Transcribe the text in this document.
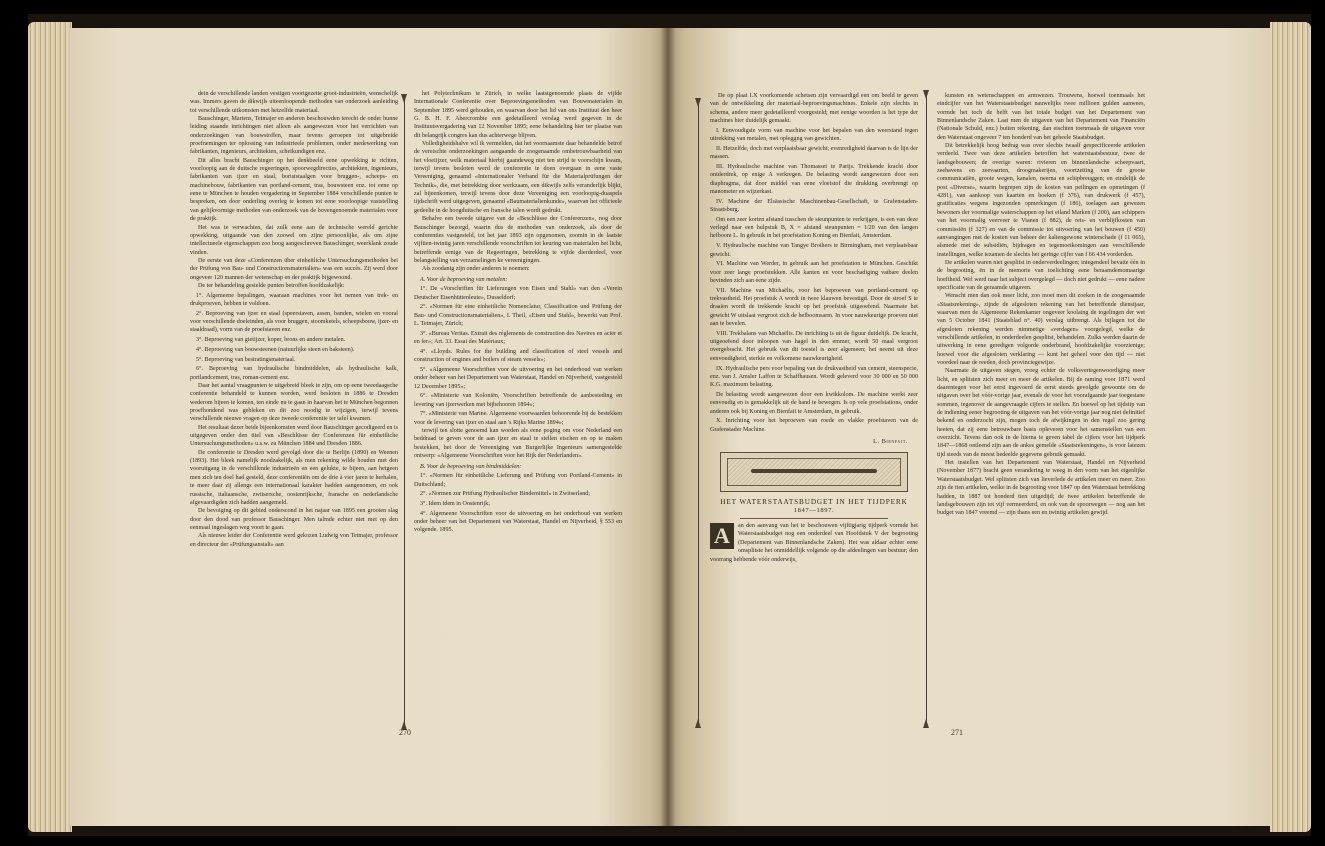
dein de verschillende landen vestigen voortgezette groot-industrieën, wenschelijk was. Immers gaven de dikwijls uiteenloopende methoden van onderzoek aanleiding tot verschillende uitkomsten met hetzelfde materiaal.

Bauschinger, Martens, Tetmajer en anderen beschouwden terecht de onder hunne leiding staande inrichtingen niet alleen als aangewezen voor het verrichten van onderzoekingen van bouwstoffen, maar tevens geroepen tot uitgebreide proefnemingen ter oplossing van industrieele problemen, onder medewerking van fabrikanten, ingenieurs, architekten, scheikundigen enz.

Dit alles bracht Bauschinger op het denkbeeld eene opwekking te richten, voorloopig aan de duitsche regeeringen, spoorwegdirecties, architekten, ingenieurs, fabrikanten van ijzer en staal, boriststaalgen voor bruggen-, scheeps- en machinebouw, fabrikanten van portland-cement, tras, bouwsteen enz. tot eene op eene te München te houden vergadering in September 1884 verschillende punten te bespreken, om door onderling overleg te komen tot eene voorloopige vaststelling van gelijkvormige methoden van onderzoek van de bovengenoemde materialen voor de praktijk.

Het was te verwachten, dat zulk eene aan de technische wereld gerichte opwekking, uitgaande van den zoowel om zijne persoonlijke, als om zijne intellectueele eigenschappen zoo hoog aangeschreven Bauschinger, weerklank zoude vinden.

De eerste van deze «Conferenzen über einheitliche Untersuchungsmethoden bei der Prüfung von Bau- und Constructionsmaterialien» was een succès. Zij werd door ongeveer 120 mannen der wetenschap en der praktijk bijgewoond.

De ter behandeling gestelde punten betroffen hoofdzakelijk:

1°. Algemeene bepalingen, waaraan machines voor het nemen van trek- en drukproeven, hebben te voldoen.

2°. Beproeving van ijzer en staal (speerstaven, assen, banden, wielen en vooral voor verschillende doeleinden, als voor bruggen, stoomketels, scheepsbouw, ijzer- en staaldraad), vorm van de proefstaven enz.

3°. Beproeving van gietijzer, koper, brons en andere metalen.

4°. Beproeving van bouwsteenen (natuurlijke steen en baksteen).

5°. Beproeving van bestratingsmateriaal.

6°. Beproeving van hydraulische bindmiddelen, als hydraulische kalk, portlandcement, tras, roman-cement enz.

Daar het aantal vraagpunten te uitgebreid bleek te zijn, om op eene tweedaagsche conferentie behandeld te kunnen worden, werd besloten in 1886 te Dresden wederom bijeen te komen, ten einde nu te gaan in haarvan het te München begonnen proefhondend was gebleken en dit zoo noodig te wijzigen, terwijl tevens verschillende nieuwe vragen op deze tweede conferentie ter tafel kwamen.

Het resultaat dezer beide bijeenkomsten werd door Bauschinger gecodigeerd en is uitgegeven onder den titel van «Beschlüsse der Conferenzen für einheitliche Untersuchungsmethoden» u.s.w. zu München 1884 und Dresden 1886.

De conferentie te Dresden werd gevolgd door die te Berlijn (1890) en Weenen (1893). Het bleek namelijk noodzakelijk, als men rekening wilde houden met den vooruitgang in de verschillende industrieën en een gelukte, te bijeen, aan hetgeen men zich ten doel had gesteld, deze conferentiën om de drie à vier jaren te herhalen, te meer daar zij allengs een internationaal karakter hadden aangenomen, en ook russische, italiaansche, zwitsersche, oostenrijksche, fransche en nederlandsche afgevaardigden zich hadden aangemeld.

De bevoiging op dit gebied onderscond in het najaar van 1895 een grooten slag door den dood van professor Bauschinger. Men talmde echter niet met op den eenmaal ingeslagen weg voort te gaan.

Als nieuwe leider der Conferentie werd gekozen Ludwig von Tetmajer, professor en directeur der «Prüfungsanstalt» aan

het Polytechnikum te Zürich, in welke laatstgenoemde plaats de vijfde Internationale Conferentie over Beproevingsmethoden van Bouwmaterialen in September 1895 werd gehouden, en waarvan door het lid van ons Instituut den heer G. B. H. F. Abercrombie een gedetailleerd verslag werd gegeven in de Instituutsvergadering van 12 November 1895; eene behandeling hier ter plaatse van dit belangrijk congres kan dus achterwege blijven.

Volledigheidshalve wil ik vermelden, dat het voornaamste daar behandelde betrof de vereischte onderzoekingen aangaande de zoogenaamde ombetrouwbaarheid van het vloeiijzer, welk materiaal hierbij gaandeweg niet ten strijd te voorschijn kwam, terwijl tevens besloten werd de conferentie te doen overgaan in eene vaste Vereeniging, genaamd «Internationaler Verband für die Materialprüfungen der Technik», die, met betrekking door werkzaam, een dikwijls zelfs veranderlijk blijkt, zal bijeenkomen, terwijl tevens door deze Vereeniging een voorloopig-duaspels tijdschrift werd uitgegeven, genaamd «Baumaterialienkunde», waarvan het officieele gedeelte in de hoogduitsche en fransche talen wordt gedrukt.

Behalve een tweede uitgave van de «Beschlüsse der Conferenzen», nog door Bauschinger bezorgd, waarin dus de methoden van onderzoek, als door de conferenties vastgesteld, tot het jaar 1893 zijn opgenomen, zoomin in de laatste vijftien-twintig jaren verschillende voorschriften tot keuring van materialen het licht, betreffende eenige van de Regeeringen, betrekking te vijfde dierderdeel, voor belangstelling van verzamelingen ke vereenigingen.

Als zoodanig zijn onder anderen te noemen:

A. Voor de beproeving van metalen:

1°. De «Vorschriften für Lieferungen von Eisen und Stahl» van den «Verein Deutscher Eisenhüttenleute», Dusseldorf;

2°. «Normen für eine einheitliche Nomenclatur, Classification und Prüfung der Bau- und Constructionsmaterialien», I. Theil, «Eisen und Stahl», bewerkt van Prof. L. Tetmajer, Zürich;

3°. «Bureau Veritas. Extrait des règlements de construction des Navires en acier et en fer»; Art. 33. Essai des Matériaux;

4°. «Lloyds. Rules for the building and classification of steel vessels and construction of engines and boilers of steam vessels»;

5°. «Algemeene Voorschriften voor de uitvoering en het onderhoud van werken onder beheer van het Departement van Waterstaat, Handel en Nijverheid, vastgesteld 12 December 1895»;

6°. «Ministerie van Koloniën, Voorschriften betreffende de aanbesteding en levering van ijzerwerken met bijbehooren 1894»;

7°. «Ministerie van Marine. Algemeene voorwaarden behoorende bij de bestekken voor de levering van ijzer en staal aan 's Rijks Marine 1894»;

terwijl ten slotte genoemd kan worden als eene poging om voor Nederland een beddraad te geven voor de aan ijzer en staal te stellen eischen en op te maken bestekken, het door de Vereeniging van Burgerlijke Ingenieurs samengestelde ontwerp: «Algemeene Voorschriften voor het Rijk der Nederlanden».

B. Voor de beproeving van bindmiddelen:

1°. «Normen für einheitliche Lieferung und Prüfung von Portland-Cement» in Duitschland;

2°. «Normen zur Prüfung Hydraulischer Bindemittel» in Zwitserland;

3°. Idem idem in Oostenrijk;

4°. Algemeene Voorschriften voor de uitvoering en het onderhoud van werken onder beheer van het Departement van Waterstaat, Handel en Nijverheid, § 553 en volgende. 1895.

270

De op plaat I.X voorkomende schetsen zijn vervaardigd een om beeld te geven van de ontwikkeling der materiaal-beproevingsmachines. Enkele zijn slechts in schema, andere meer gedetailleerd voorgesteld; met eenige woorden is het type der machines hier duidelijk gemaakt.

I. Eenvoudigste vorm van machine voor het bepalen van den weerstand tegen uitrekking van metalen, met opleggng van gewichten.

II. Hetzelfde, doch met verplaatsbaar gewicht; evenredigheid daarvan is de lijn der massen.

III. Hydraulische machine van Thomasset te Parijs. Trekkende kracht door ontderdrek, op enige A verkregen. De belasting wordt aangewezen door een diaphragma, dat door middel van eene vloeistof die drukking overbrengt op manometer en wijzerkast.

IV. Machine der Elsässische Maschinenbau-Gesellschaft, te Grafenstaden-Straatsburg.

Om een zeer korten afstand tusschen de steunpunten te verkrijgen, is een van deze verlegd naar een hulpstuk B, X = afstand steunpunten = 1/20 van den langen hefboom L. In gebruik in het proefstation Koning en Bienfait, Amsterdam.

V. Hydraulische machine van Tangye Brothers te Birmingham, met verplaatsbaar gewicht.

VI. Machine van Werder, in gebruik aan het proefstation te München. Geschikt voor zeer lange proefstukken. Alle kanten en voor beschadiging vatbare deelen bevinden zich aan éene zijde.

VII. Machine van Michaëlis, voor het beproeven van portland-cement op trekvastheid. Het proefstuk A wordt in twee klauwen bevestigd. Door de stroef S te draaien wordt de trekkende kracht op het proefstuk uitgeoefend. Naarmate het gewicht W uitslaat vergroot zich de hefboomsarm. In voor nauwkeurige proeven niet aan te bevelen.

VIII. Trekbalans van Michaëlis. De inrichting is uit de figuur duidelijk. De kracht, uitgeoefend door inloopen van hagel in den emmer, wordt 50 maal vergroot overgebracht. Het gebruik van dit toestel is zeer algemeen; het neemt uit deze eenvoudigheid, sterkte en volkomene nauwkeurigheid.

IX. Hydraulische pers voor bepaling van de drukvastheid van cement, steenspecie, enz. van J. Amsler Laffon te Schaffhausen. Wordt geleverd voor 30 000 en 50 000 K.G. maximum belasting.

De belasting wordt aangewezen door een kwikkolom. De machine werkt zeer eenvoudig en is gemakkelijk uit de hand te bewegen. Is op vele proefstations, onder anderen ook bij Koning en Bienfait te Amsterdam, in gebruik.

X. Inrichting voor het beproeven van roede en vlakke proefstaven van de Grafenstader Machine.

L. Bienfait.

HET WATERSTAATSBUDGET IN HET TIJDPERK

1847—1897.

A	an den aanvang van het te beschouwen vijftigjarig tijdperk vormde het Waterstaatsbudget nog een onderdeel van Hoofdstuk V der begrooting (Departement van Binnenlandsche Zaken). Het was aldaar echter eene omsplitste het onmiddellijk volgende op die afdeelingen van bestuur; den voorrang hebbende vóór onderwijs,

kunsten en wetenschappen en armwezen. Trouwens, hoewel toenmaals het eindcijfer van het Waterstaatsbudget nauwelijks twee millioen gulden aanwees, vormde het toch de helft van het totale budget van het Departement van Binnenlandsche Zaken. Laat men de uitgaven van het Departement van Financiën (Nationale Schuld, enz.) buiten rekening, dan eischten toenmaals de uitgaven voor den Waterstaat ongeveer 7 ten honderd van het geheele Staatsbudget.

Dit betrekkelijk hoog bedrag was over slechts twaalf gespecificeerde artikelen verdeeld. Twee van deze artikelen betroffen het waterstaatsbestuur, twee de landsgebouwen; de overige waren: rivieren en binnenlandsche scheepvaart, zeehavens en zeevaarten, droogmakerijen, voortzetting van de groote communicatiën, groote wegen, kanalen, neerna en schipbreuggen; en eindelijk de post «Diverse», waarin begrepen zijn de kosten van peilingen en opmetingen (f 4281), van aankoop van kaarten en boeken (f 376), van drukwerk (f 457), gratificaties wegens ingezonden opmerkingen (f 186), toelagen aan gewezen bewoners der voormalige waterschappen op het eiland Marken (f 200), aan schippers van het voormalig veerveer te Vianen (f 882), de reis- en verblijfkosten van commissiën (f 327) en van de commissie tot uitvoering van het bouwen (f 450) aanvangingen met de kosten van beheer der kaltengewone winterschade (f 11 065), alsmede met de subsidiën, bijdragen en tegemoetkomingen aan verschillende instellingen, welke tezamen de slechts het geringe cijfer van f 66 434 vorderden.

De artikelen waren niet gesplitst in onderverdeelingen; integendeel bevatte één in de begrooting, ën in de memorie van toelichting eene beraamdemomaarige hoeftheid. Wel werd naar het subject overgelegd — doch niet gedrukt — eene nadere specificatie van de geraamde uitgaven.

Wenscht men dan ook meer licht, zoo moet men dit zoeken in de zoogenaamde «Staatsrekening», zijnde de afgesloten rekening van het betreffende dienstjaar, waarvan men de Algemeene Rekenkamer ongeveer koolaing de togelingen der wet van 5 October 1841 (Staatsblad n°. 40) verslag uitbrengt. Als bijlagen tot die afgesloten rekening werden nimmetige «verdagen» voorgelegd, welke de verschillende artikelen, in onderdeelen gesplitst, behandelen. Zulks werden daarin de uitwerking in eene geredigen volgorde onderbrand, hoofdzakelijke voorzienige; hoewel voor die afgesloten verklaring — kunt het geheel voor den tijd — niet voordeel naar de reeden, doch provinciegewijze.

Naarmate de uitgaven stegen, vroeg echter de volksvertegenwoordiging meer licht, en splitsten zich meer en meer de artikelen. Bij de raming voor 1871 werd daarentegen voor het eerst ingevoerd de eerst steeds gevolgde gewoonte om de uitgaven over het vóór-vorige jaar, evenals de voor het voorafgaande jaar toegestane sommen, tegenover de aangevraagde cijfers te stellen. En hoewel op het tijdstip van de indiening eener begrooting de uitgaven van het vóór-vorige jaar nog niet definitief bekend en onderzocht zijn, mogen toch de afwijkingen in den regel zoo gering heeten, dat zij eene betrouwbare basis opleveren voor het samenstellen van een overzicht. Tevens dan ook in de hierna te geven tabel de cijfers voor het tijdperk 1847—1868 ontleend zijn aan de ankes gemelde «Staatsrekeningen», is voor latezen tijd steeds van de meest bedeelde gegevens gebruik gemaakt.

Het instellen van het Departement van Waterstaat, Handel en Nijverheid (November 1877) bracht geen verandering te weeg in den vorm van het eigenlijke Waterstaatsbudget. Wel splitsten zich van lieverlede de artikelen meer en meer. Zoo zijn de tien artikelen, welke in de begrooting voor 1847 op den Waterstaat betrekking hadden, in 1887 tot honderd tien uitgedijd; de twee artikelen betreffende de landsgebouwen zijn tot vijf vermeerderd, en ook van de spoorwegen — nog aan het budget van 1847 vreemd — zijn thans een en twintig artikelen gewijd.

271
